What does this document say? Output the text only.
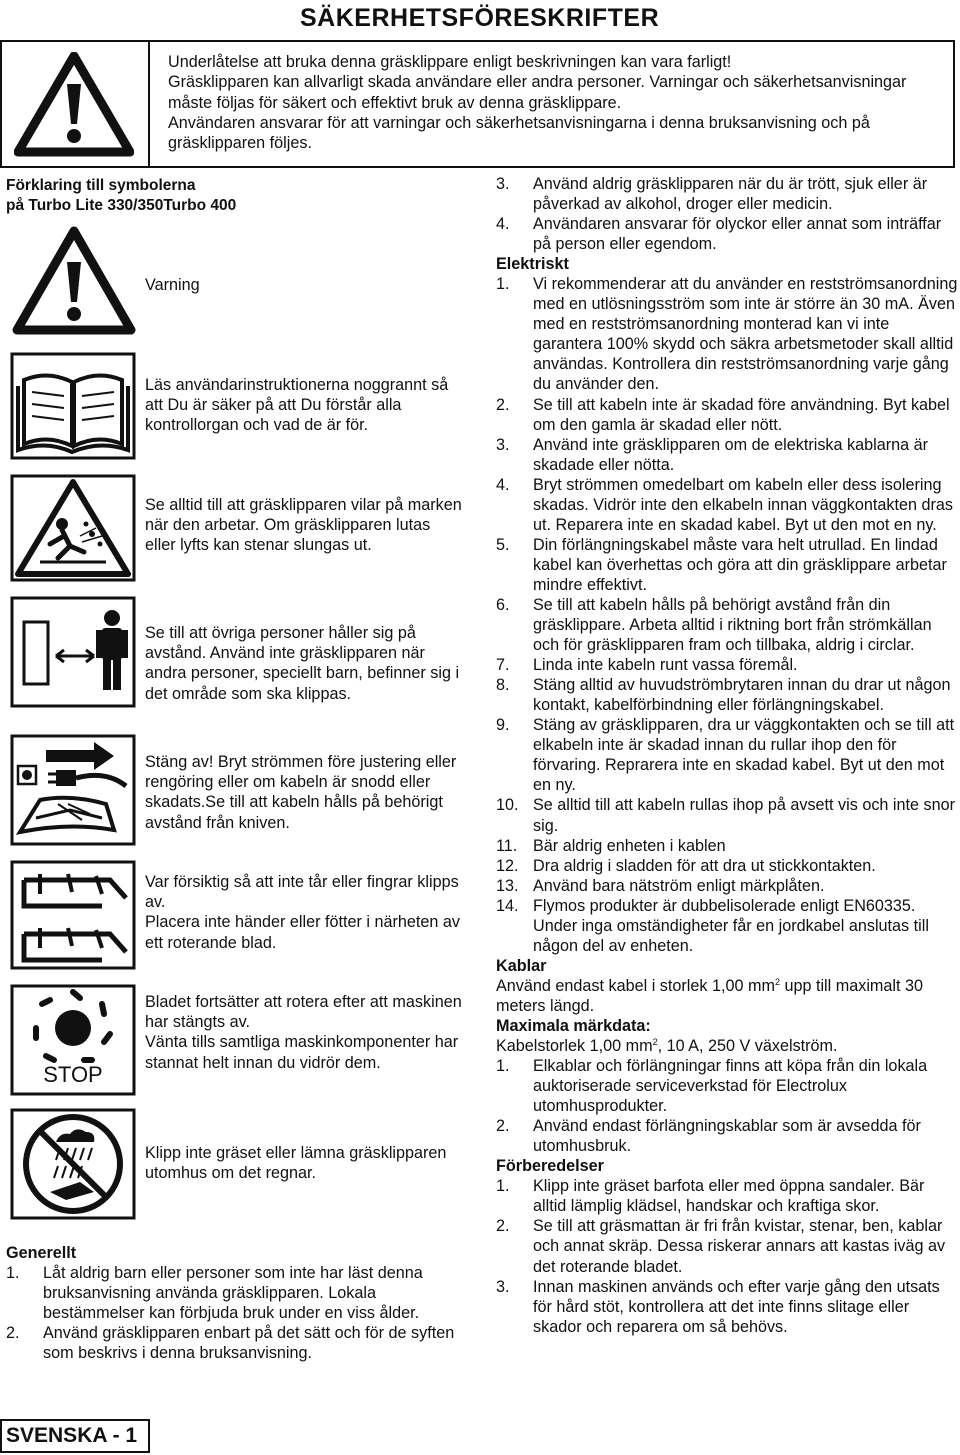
SÄKERHETSFÖRESKRIFTER

Underlåtelse att bruka denna gräsklippare enligt beskrivningen kan vara farligt!

Gräsklipparen kan allvarligt skada användare eller andra personer. Varningar och säkerhetsanvisningar måste följas för säkert och effektivt bruk av denna gräsklippare.

Användaren ansvarar för att varningar och säkerhetsanvisningarna i denna bruksanvisning och på gräsklipparen följes.

Förklaring till symbolerna
på Turbo Lite 330/350Turbo 400

Varning

Läs användarinstruktionerna noggrannt så att Du är säker på att Du förstår alla kontrollorgan och vad de är för.

Se alltid till att gräsklipparen vilar på marken när den arbetar. Om gräsklipparen lutas eller lyfts kan stenar slungas ut.

Se till att övriga personer håller sig på avstånd. Använd inte gräsklipparen när andra personer, speciellt barn, befinner sig i det område som ska klippas.

Stäng av! Bryt strömmen före justering eller rengöring eller om kabeln är snodd eller skadats.Se till att kabeln hålls på behörigt avstånd från kniven.

Var försiktig så att inte tår eller fingrar klipps av.

Placera inte händer eller fötter i närheten av ett roterande blad.

STOP

Bladet fortsätter att rotera efter att maskinen har stängts av.

Vänta tills samtliga maskinkomponenter har stannat helt innan du vidrör dem.

Klipp inte gräset eller lämna gräsklipparen utomhus om det regnar.

Generellt
1.	Låt aldrig barn eller personer som inte har läst denna bruksanvisning använda gräsklipparen. Lokala bestämmelser kan förbjuda bruk under en viss ålder.
2.	Använd gräsklipparen enbart på det sätt och för de syften som beskrivs i denna bruksanvisning.
3.	Använd aldrig gräsklipparen när du är trött, sjuk eller är påverkad av alkohol, droger eller medicin.
4.	Användaren ansvarar för olyckor eller annat som inträffar på person eller egendom.
Elektriskt
1.	Vi rekommenderar att du använder en restströmsanordning med en utlösningsström som inte är större än 30 mA. Även med en restströmsanordning monterad kan vi inte garantera 100% skydd och säkra arbetsmetoder skall alltid användas. Kontrollera din restströmsanordning varje gång du använder den.
2.	Se till att kabeln inte är skadad före användning. Byt kabel om den gamla är skadad eller nött.
3.	Använd inte gräsklipparen om de elektriska kablarna är skadade eller nötta.
4.	Bryt strömmen omedelbart om kabeln eller dess isolering skadas. Vidrör inte den elkabeln innan väggkontakten dras ut. Reparera inte en skadad kabel. Byt ut den mot en ny.
5.	Din förlängningskabel måste vara helt utrullad. En lindad kabel kan överhettas och göra att din gräsklippare arbetar mindre effektivt.
6.	Se till att kabeln hålls på behörigt avstånd från din gräsklippare. Arbeta alltid i riktning bort från strömkällan och för gräsklipparen fram och tillbaka, aldrig i circlar.
7.	Linda inte kabeln runt vassa föremål.
8.	Stäng alltid av huvudströmbrytaren innan du drar ut någon kontakt, kabelförbindning eller förlängningskabel.
9.	Stäng av gräsklipparen, dra ur väggkontakten och se till att elkabeln inte är skadad innan du rullar ihop den för förvaring. Reprarera inte en skadad kabel. Byt ut den mot en ny.
10. Se alltid till att kabeln rullas ihop på avsett vis och inte snor sig.
11. Bär aldrig enheten i kablen
12. Dra aldrig i sladden för att dra ut stickkontakten.
13. Använd bara nätström enligt märkplåten.
14. Flymos produkter är dubbelisolerade enligt EN60335. Under inga omständigheter får en jordkabel anslutas till någon del av enheten.
Kablar

Använd endast kabel i storlek 1,00 $mm^2$ upp till maximalt 30 meters längd.

Maximala märkdata:

Kabelstorlek 1,00 $mm^2$, 10 A, 250 V växelström.

1.	Elkablar och förlängningar finns att köpa från din lokala auktoriserade serviceverkstad för Electrolux utomhusprodukter.
2.	Använd endast förlängningskablar som är avsedda för utomhusbruk.
Förberedelser
1.	Klipp inte gräset barfota eller med öppna sandaler. Bär alltid lämplig klädsel, handskar och kraftiga skor.
2.	Se till att gräsmattan är fri från kvistar, stenar, ben, kablar och annat skräp. Dessa riskerar annars att kastas iväg av det roterande bladet.
3.	Innan maskinen används och efter varje gång den utsats för hård stöt, kontrollera att det inte finns slitage eller skador och reparera om så behövs.
SVENSKA - 1
